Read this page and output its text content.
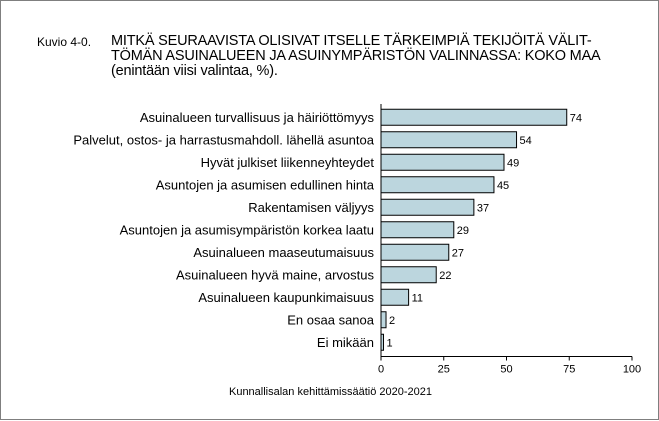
Kuvio 4-0. MITKÄ SEURAAVISTA OLISIVAT ITSELLE TÄRKEIMPIÄ TEKIJÖITÄ VÄLIT-
TÖMÄN ASUINALUEEN JA ASUINYMPÄRISTÖN VALINNASSA: KOKO MAA
(enintään viisi valintaa, %).
Asuinalueen turvallisuus ja häiriöttömyys	74
Palvelut, ostos- ja harrastusmahdoll. lähellä asuntoa	54
Hyvät julkiset liikenneyhteydet	49
Asuntojen ja asumisen edullinen hinta	45
Rakentamisen väljyys	37
Asuntojen ja asumisympäristön korkea laatu	29
Asuinalueen maaseutumaisuus	27
Asuinalueen hyvä maine, arvostus	22
Asuinalueen kaupunkimaisuus	11
En osaa sanoa 2
Ei mikään 1
0	25	50	75	100
Kunnallisalan kehittämissäätiö 2020-2021
